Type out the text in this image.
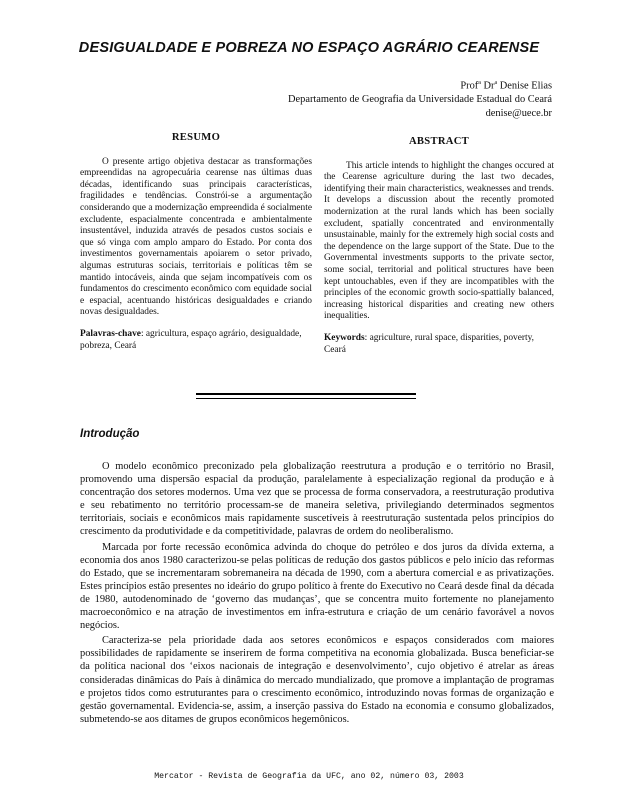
DESIGUALDADE E POBREZA NO ESPAÇO AGRÁRIO CEARENSE
Prof$^a$ Dr$^a$ Denise Elias
Departamento de Geografia da Universidade Estadual do Ceará
denise@uece.br
RESUMO

O presente artigo objetiva destacar as transformações empreendidas na agropecuária cearense nas últimas duas décadas, identificando suas principais características, fragilidades e tendências. Constrói-se a argumentação considerando que a modernização empreendida é socialmente excludente, espacialmente concentrada e ambientalmente insustentável, induzida através de pesados custos sociais e que só vinga com amplo amparo do Estado. Por conta dos investimentos governamentais apoiarem o setor privado, algumas estruturas sociais, territoriais e políticas têm se mantido intocáveis, ainda que sejam incompatíveis com os fundamentos do crescimento econômico com equidade social e espacial, acentuando históricas desigualdades e criando novas desigualdades.

Palavras-chave: agricultura, espaço agrário, desigualdade, pobreza, Ceará

ABSTRACT

This article intends to highlight the changes occured at the Cearense agriculture during the last two decades, identifying their main characteristics, weaknesses and trends. It develops a discussion about the recently promoted modernization at the rural lands which has been socially excludent, spatially concentrated and environmentally unsustainable, mainly for the extremely high social costs and the dependence on the large support of the State. Due to the Governmental investments supports to the private sector, some social, territorial and political structures have been kept untouchables, even if they are incompatibles with the principles of the economic growth socio-spattially balanced, increasing historical disparities and creating new others inequalities.

Keywords: agriculture, rural space, disparities, poverty, Ceará

Introdução

O modelo econômico preconizado pela globalização reestrutura a produção e o território no Brasil, promovendo uma dispersão espacial da produção, paralelamente à especialização regional da produção e à concentração dos setores modernos. Uma vez que se processa de forma conservadora, a reestruturação produtiva e seu rebatimento no território processam-se de maneira seletiva, privilegiando determinados segmentos territoriais, sociais e econômicos mais rapidamente suscetíveis à reestruturação sustentada pelos princípios do crescimento da produtividade e da competitividade, palavras de ordem do neoliberalismo.

Marcada por forte recessão econômica advinda do choque do petróleo e dos juros da dívida externa, a economia dos anos 1980 caracterizou-se pelas políticas de redução dos gastos públicos e pelo início das reformas do Estado, que se incrementaram sobremaneira na década de 1990, com a abertura comercial e as privatizações. Estes princípios estão presentes no ideário do grupo político à frente do Executivo no Ceará desde final da década de 1980, autodenominado de ‘governo das mudanças’, que se concentra muito fortemente no planejamento macroeconômico e na atração de investimentos em infra-estrutura e criação de um cenário favorável a novos negócios.

Caracteriza-se pela prioridade dada aos setores econômicos e espaços considerados com maiores possibilidades de rapidamente se inserirem de forma competitiva na economia globalizada. Busca beneficiar-se da política nacional dos ‘eixos nacionais de integração e desenvolvimento’, cujo objetivo é atrelar as áreas consideradas dinâmicas do País à dinâmica do mercado mundializado, que promove a implantação de programas e projetos tidos como estruturantes para o crescimento econômico, introduzindo novas formas de organização e gestão governamental. Evidencia-se, assim, a inserção passiva do Estado na economia e consumo globalizados, submetendo-se aos ditames de grupos econômicos hegemônicos.

Mercator - Revista de Geografia da UFC, ano 02, número 03, 2003
